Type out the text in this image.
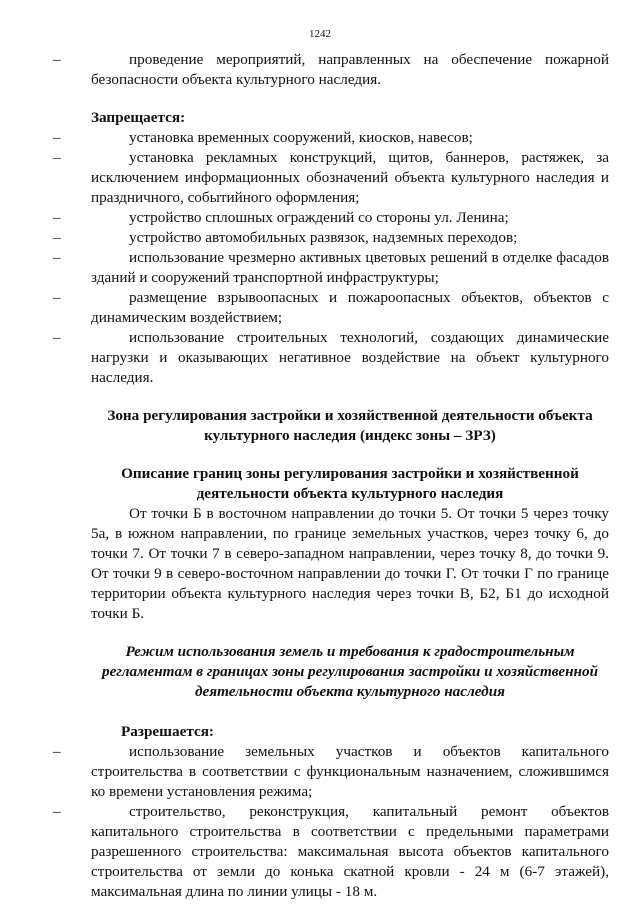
1242

–	проведение мероприятий, направленных на обеспечение пожарной безопасности объекта культурного наследия.

Запрещается:

–	установка временных сооружений, киосков, навесов;

–	установка рекламных конструкций, щитов, баннеров, растяжек, за исключением информационных обозначений объекта культурного наследия и праздничного, событийного оформления;

–	устройство сплошных ограждений со стороны ул. Ленина;

–	устройство автомобильных развязок, надземных переходов;

–	использование чрезмерно активных цветовых решений в отделке фасадов зданий и сооружений транспортной инфраструктуры;

–	размещение взрывоопасных и пожароопасных объектов, объектов с динамическим воздействием;

–	использование строительных технологий, создающих динамические нагрузки и оказывающих негативное воздействие на объект культурного наследия.

Зона регулирования застройки и хозяйственной деятельности объекта культурного наследия (индекс зоны – ЗРЗ)

Описание границ зоны регулирования застройки и хозяйственной деятельности объекта культурного наследия

От точки Б в восточном направлении до точки 5. От точки 5 через точку 5а, в южном направлении, по границе земельных участков, через точку 6, до точки 7. От точки 7 в северо-западном направлении, через точку 8, до точки 9. От точки 9 в северо-восточном направлении до точки Г. От точки Г по границе территории объекта культурного наследия через точки В, Б2, Б1 до исходной точки Б.

Режим использования земель и требования к градостроительным регламентам в границах зоны регулирования застройки и хозяйственной деятельности объекта культурного наследия

Разрешается:

–	использование земельных участков и объектов капитального строительства в соответствии с функциональным назначением, сложившимся ко времени установления режима;

–	строительство, реконструкция, капитальный ремонт объектов капитального строительства в соответствии с предельными параметрами разрешенного строительства: максимальная высота объектов капитального строительства от земли до конька скатной кровли - 24 м (6-7 этажей), максимальная длина по линии улицы - 18 м.
